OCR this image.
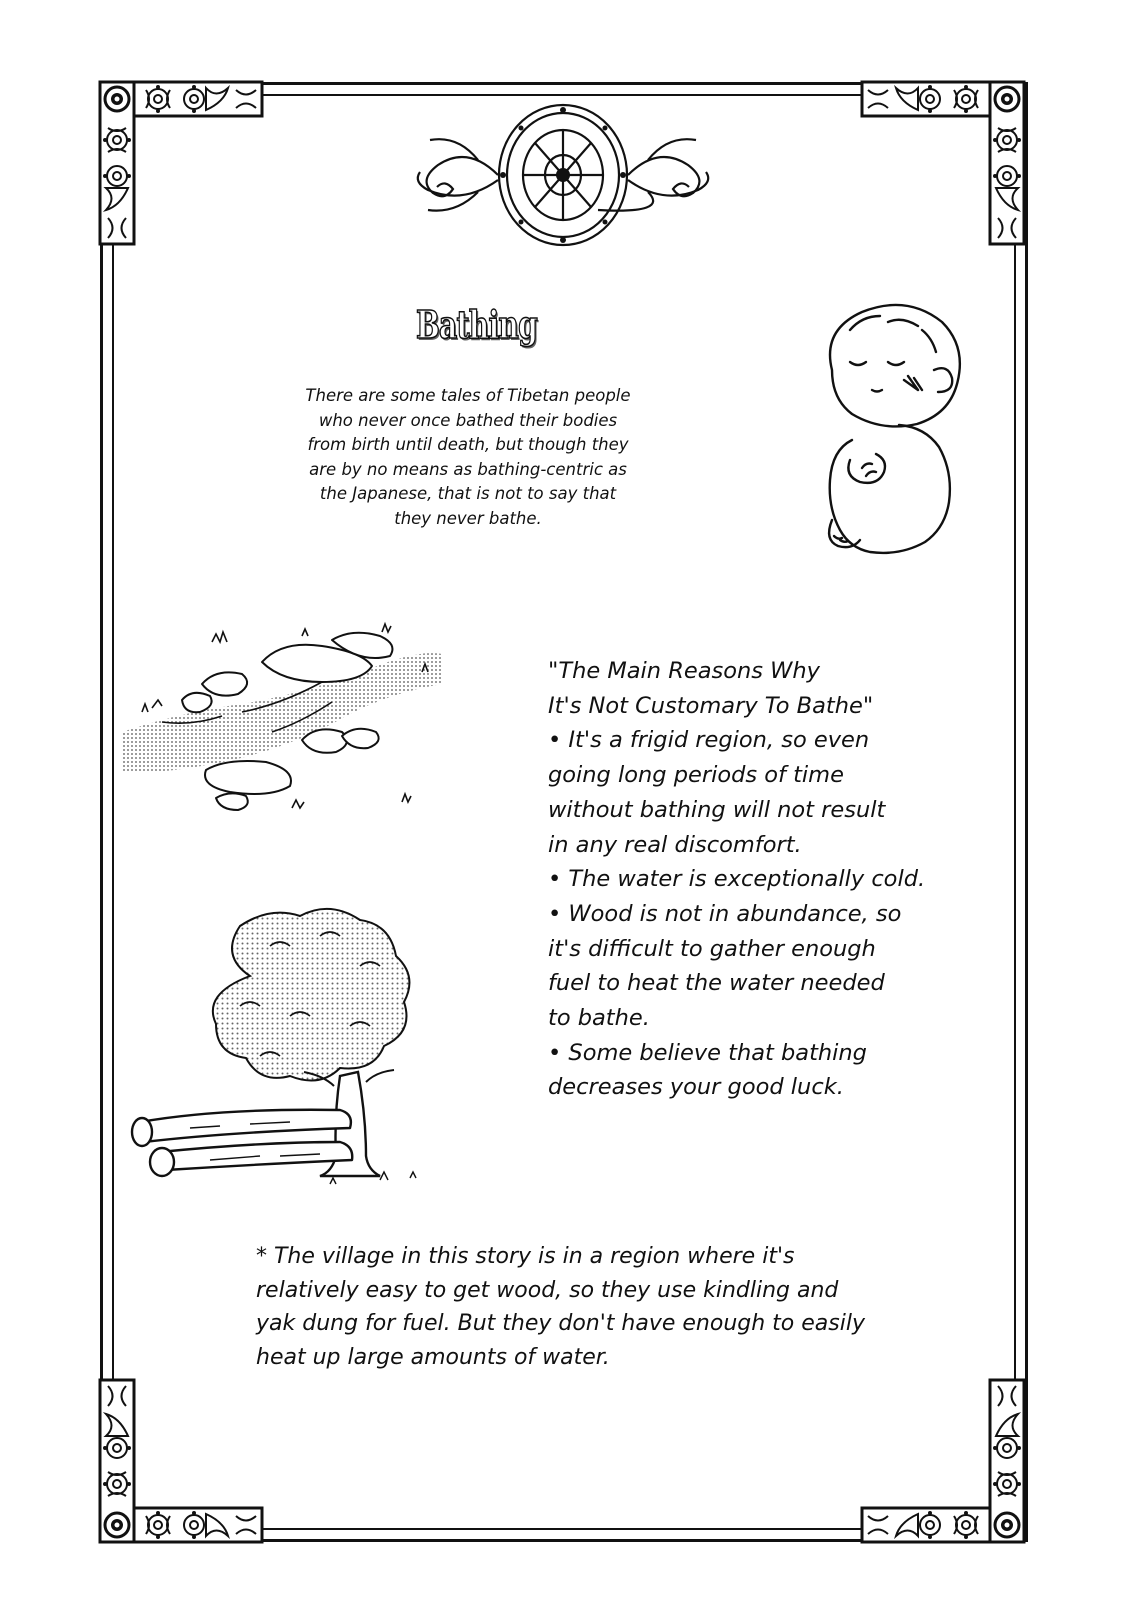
Bathing
There are some tales of Tibetan people
who never once bathed their bodies
from birth until death, but though they
are by no means as bathing-centric as
the Japanese, that is not to say that
they never bathe.
"The Main Reasons Why
It's Not Customary To Bathe"
• It's a frigid region, so even
going long periods of time
without bathing will not result
in any real discomfort.
• The water is exceptionally cold.
• Wood is not in abundance, so
it's difficult to gather enough
fuel to heat the water needed
to bathe.
• Some believe that bathing
decreases your good luck.
* The village in this story is in a region where it's
relatively easy to get wood, so they use kindling and
yak dung for fuel. But they don't have enough to easily
heat up large amounts of water.
